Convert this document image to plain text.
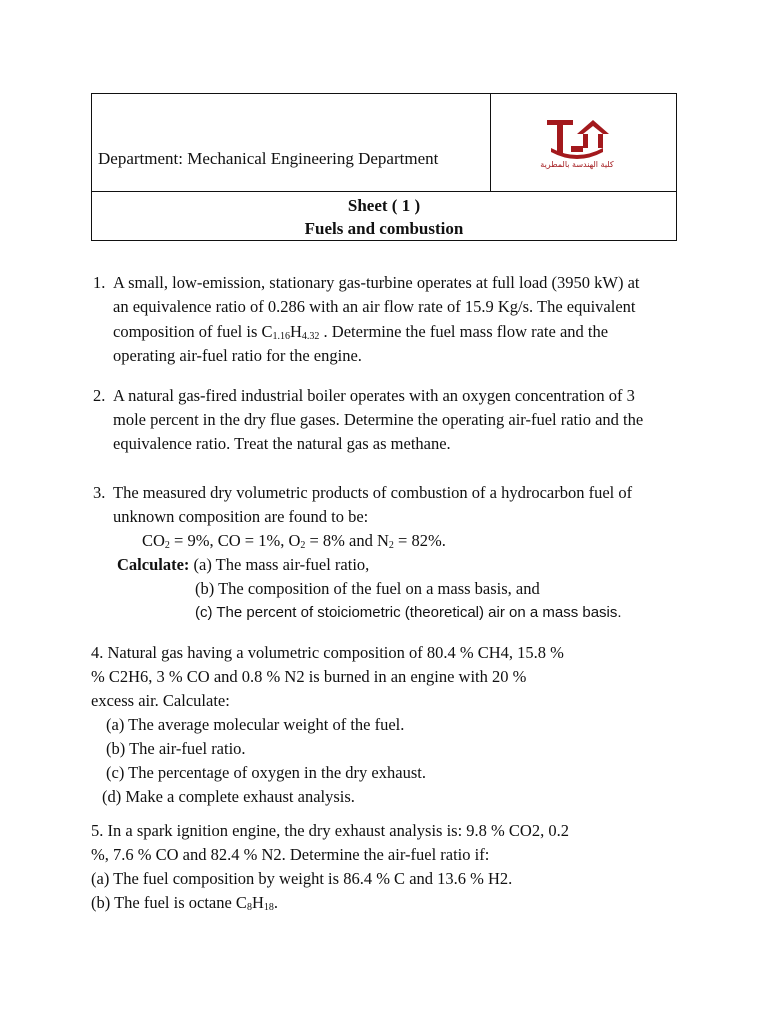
Department: Mechanical Engineering Department	كلية الهندسة بالمطرية
Sheet ( 1 )
Fuels and combustion
1. A small, low-emission, stationary gas-turbine operates at full load (3950 kW) at
an equivalence ratio of 0.286 with an air flow rate of 15.9 Kg/s. The equivalent
composition of fuel is $C_{1.16}H_{4.32}$ . Determine the fuel mass flow rate and the
operating air-fuel ratio for the engine.
2. A natural gas-fired industrial boiler operates with an oxygen concentration of 3
mole percent in the dry flue gases. Determine the operating air-fuel ratio and the
equivalence ratio. Treat the natural gas as methane.
3. The measured dry volumetric products of combustion of a hydrocarbon fuel of
unknown composition are found to be:
$CO_2 = 9\%$, CO = 1%, $O_2 = 8\%$ and $N_2 = 82\%$.
Calculate: (a) The mass air-fuel ratio,
(b) The composition of the fuel on a mass basis, and
(c) The percent of stoiciometric (theoretical) air on a mass basis.
4. Natural gas having a volumetric composition of 80.4 % CH4, 15.8 %
% C2H6, 3 % CO and 0.8 % N2 is burned in an engine with 20 %
excess air. Calculate:
(a) The average molecular weight of the fuel.
(b) The air-fuel ratio.
(c) The percentage of oxygen in the dry exhaust.
(d) Make a complete exhaust analysis.
5. In a spark ignition engine, the dry exhaust analysis is: 9.8 % CO2, 0.2
%, 7.6 % CO and 82.4 % N2. Determine the air-fuel ratio if:
(a) The fuel composition by weight is 86.4 % C and 13.6 % H2.
(b) The fuel is octane $C_8H_{18}$.
